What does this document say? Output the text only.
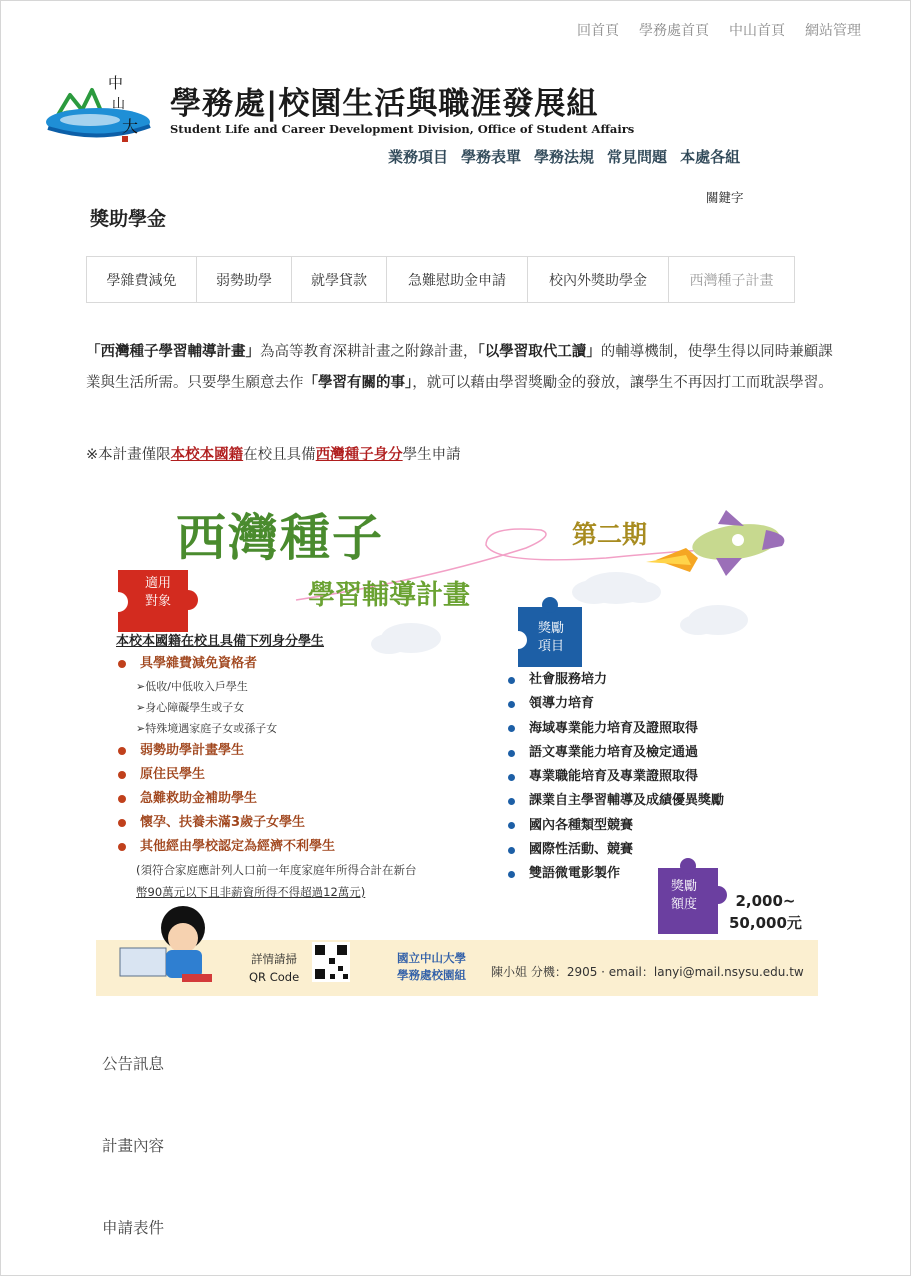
回首頁 學務處首頁 中山首頁 網站管理
中
山
大
學務處|校園生活與職涯發展組
Student Life and Career Development Division, Office of Student Affairs
業務項目 學務表單 學務法規 常見問題 本處各組
關鍵字
獎助學金
學雜費減免	弱勢助學	就學貸款	急難慰助金申請	校內外獎助學金	西灣種子計畫
「西灣種子學習輔導計畫」為高等教育深耕計畫之附錄計畫，「以學習取代工讀」的輔導機制，使學生得以同時兼顧課業與生活所需。只要學生願意去作「學習有關的事」，就可以藉由學習獎勵金的發放，讓學生不再因打工而耽誤學習。
※本計畫僅限本校本國籍在校且具備西灣種子身分學生申請
西灣種子	第二期
學習輔導計畫
適用
對象
本校本國籍在校且具備下列身分學生
具學雜費減免資格者
➢低收/中低收入戶學生
➢身心障礙學生或子女
➢特殊境遇家庭子女或孫子女
弱勢助學計畫學生
原住民學生
急難救助金補助學生
懷孕、扶養未滿3歲子女學生
其他經由學校認定為經濟不利學生
(須符合家庭應計列人口前一年度家庭年所得合計在新台
幣90萬元以下且非薪資所得不得超過12萬元)
獎勵
項目
社會服務培力
領導力培育
海域專業能力培育及證照取得
語文專業能力培育及檢定通過
專業職能培育及專業證照取得
課業自主學習輔導及成績優異獎勵
國內各種類型競賽
國際性活動、競賽
雙語微電影製作
獎勵
額度	2,000~
50,000元
詳情請掃
QR Code
國立中山大學
學務處校園組 陳小姐 分機：2905 · email：lanyi@mail.nsysu.edu.tw
公告訊息
計畫內容
申請表件
